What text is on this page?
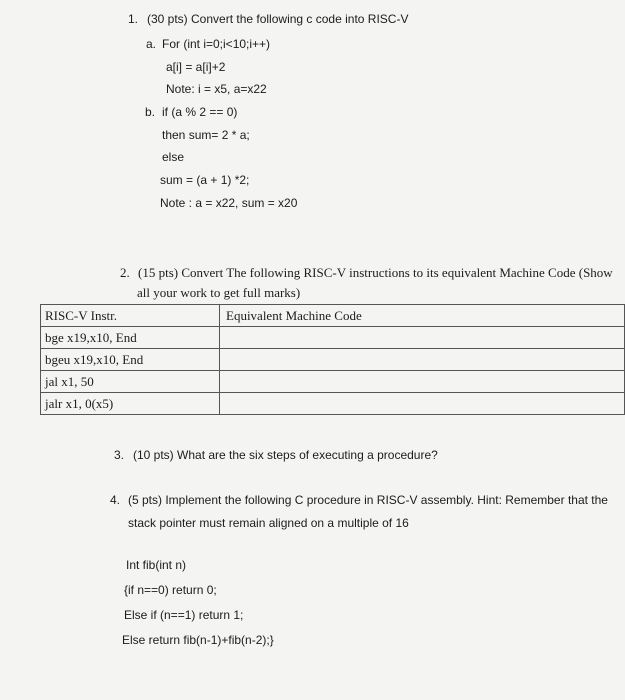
1. (30 pts) Convert the following c code into RISC-V
a. For (int i=0;i<10;i++)
a[i] = a[i]+2
Note: i = x5, a=x22
b. if (a % 2 == 0)
then sum= 2 * a;
else
sum = (a + 1) *2;
Note : a = x22, sum = x20
2. (15 pts) Convert The following RISC-V instructions to its equivalent Machine Code (Show
all your work to get full marks)
RISC-V Instr.	Equivalent Machine Code
bge x19,x10, End	
bgeu x19,x10, End	
jal x1, 50	
jalr x1, 0(x5)	
3. (10 pts) What are the six steps of executing a procedure?
4. (5 pts) Implement the following C procedure in RISC-V assembly. Hint: Remember that the
stack pointer must remain aligned on a multiple of 16
Int fib(int n)
{if n==0) return 0;
Else if (n==1) return 1;
Else return fib(n-1)+fib(n-2);}
